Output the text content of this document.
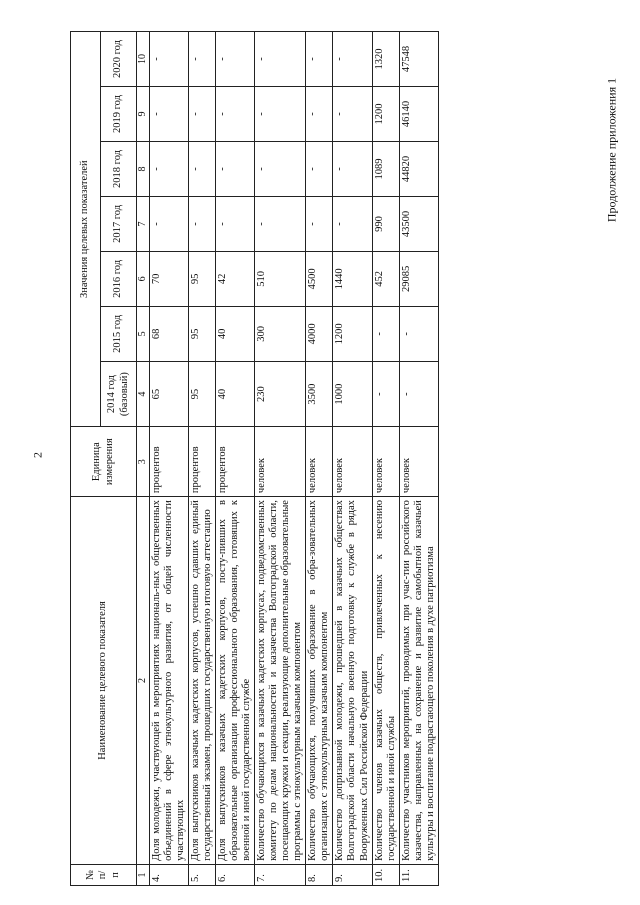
2
Продолжение приложения 1
№ п/п	Наименование целевого показателя	Единица измерения	Значения целевых показателей						
			2014 год (базовый)	2015 год	2016 год	2017 год	2018 год	2019 год	2020 год
1	2	3	4	5	6	7	8	9	10
4.	Доля молодежи, участвующей в мероприятиях националь-ных общественных объединений в сфере этнокультурного развития, от общей численности участвующих	процентов	65	68	70	-	-	-	-
5.	Доля выпускников казачьих кадетских корпусов, успешно сдавших единый государственный экзамен, прошедших государственную итоговую аттестацию	процентов	95	95	95	-	-	-	-
6.	Доля выпускников казачьих кадетских корпусов, посту-пивших в образовательные организации профессионального образования, готовящих к военной и иной государственной службе	процентов	40	40	42	-	-	-	-
7.	Количество обучающихся в казачьих кадетских корпусах, подведомственных комитету по делам национальностей и казачества Волгоградской области, посещающих кружки и секции, реализующие дополнительные образовательные программы с этнокультурным казачьим компонентом	человек	230	300	510	-	-	-	-
8.	Количество обучающихся, получивших образование в обра-зовательных организациях с этнокультурным казачьим компонентом	человек	3500	4000	4500	-	-	-	-
9.	Количество допризывной молодежи, прошедшей в казачьих обществах Волгоградской области начальную военную подготовку к службе в рядах Вооруженных Сил Российской Федерации	человек	1000	1200	1440	-	-	-	-
10.	Количество членов казачьих обществ, привлеченных к несению государственной и иной службы	человек	-	-	452	990	1089	1200	1320
11.	Количество участников мероприятий, проводимых при учас-тии российского казачества, направленных на сохранение и развитие самобытной казачьей культуры и воспитание подрастающего поколения в духе патриотизма	человек	-	-	29085	43500	44820	46140	47548
